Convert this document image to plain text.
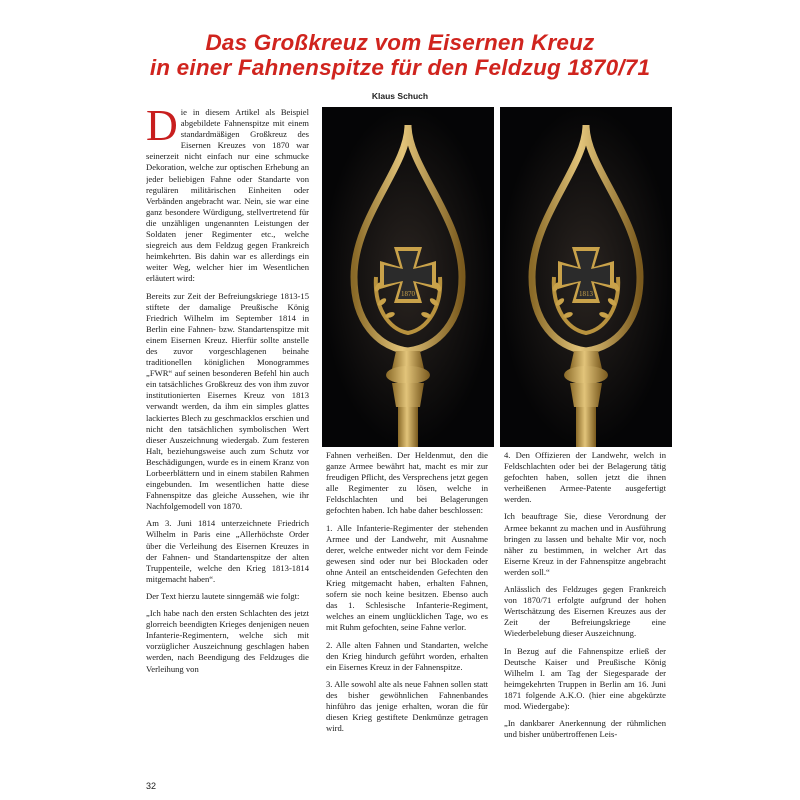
Das Großkreuz vom Eisernen Kreuz
in einer Fahnenspitze für den Feldzug 1870/71
Klaus Schuch

Die in diesem Artikel als Beispiel abgebildete Fahnenspitze mit einem standardmäßigen Großkreuz des Eisernen Kreuzes von 1870 war seinerzeit nicht einfach nur eine schmucke Dekoration, welche zur optischen Erhebung an jeder beliebigen Fahne oder Standarte von regulären militärischen Einheiten oder Verbänden angebracht war. Nein, sie war eine ganz besondere Würdigung, stellvertretend für die unzähligen ungenannten Leistungen der Soldaten jener Regimenter etc., welche siegreich aus dem Feldzug gegen Frankreich heimkehrten. Bis dahin war es allerdings ein weiter Weg, welcher hier im Wesentlichen erläutert wird:

Bereits zur Zeit der Befreiungskriege 1813-15 stiftete der damalige Preußische König Friedrich Wilhelm im September 1814 in Berlin eine Fahnen- bzw. Standartenspitze mit einem Eisernen Kreuz. Hierfür sollte anstelle des zuvor vorgeschlagenen beinahe traditionellen königlichen Monogrammes „FWR“ auf seinen besonderen Befehl hin auch ein tatsächliches Großkreuz des von ihm zuvor institutionierten Eisernes Kreuz von 1813 verwandt werden, da ihm ein simples glattes lackiertes Blech zu geschmacklos erschien und nicht den tatsächlichen symbolischen Wert dieser Auszeichnung wiedergab. Zum festeren Halt, beziehungsweise auch zum Schutz vor Beschädigungen, wurde es in einem Kranz von Lorbeerblättern und in einem stabilen Rahmen eingebunden. Im wesentlichen hatte diese Fahnenspitze das gleiche Aussehen, wie ihr Nachfolgemodell von 1870.

Am 3. Juni 1814 unterzeichnete Friedrich Wilhelm in Paris eine „Allerhöchste Order über die Verleihung des Eisernen Kreuzes in der Fahnen- und Standartenspitze der alten Truppenteile, welche den Krieg 1813-1814 mitgemacht haben“.

Der Text hierzu lautete sinngemäß wie folgt:

„Ich habe nach den ersten Schlachten des jetzt glorreich beendigten Krieges denjenigen neuen Infanterie-Regimentern, welche sich mit vorzüglicher Auszeichnung geschlagen haben werden, nach Beendigung des Feldzuges die Verleihung von

1870	1813

Fahnen verheißen. Der Heldenmut, den die ganze Armee bewährt hat, macht es mir zur freudigen Pflicht, des Versprechens jetzt gegen alle Regimenter zu lösen, welche in Feldschlachten und bei Belagerungen gefochten haben. Ich habe daher beschlossen:

1. Alle Infanterie-Regimenter der stehenden Armee und der Landwehr, mit Ausnahme derer, welche entweder nicht vor dem Feinde gewesen sind oder nur bei Blockaden oder ohne Anteil an entscheidenden Gefechten den Krieg mitgemacht haben, erhalten Fahnen, sofern sie noch keine besitzen. Ebenso auch das 1. Schlesische Infanterie-Regiment, welches an einem unglücklichen Tage, wo es mit Ruhm gefochten, seine Fahne verlor.

2. Alle alten Fahnen und Standarten, welche den Krieg hindurch geführt worden, erhalten ein Eisernes Kreuz in der Fahnenspitze.

3. Alle sowohl alte als neue Fahnen sollen statt des bisher gewöhnlichen Fahnenbandes hinführo das jenige erhalten, woran die für diesen Krieg gestiftete Denkmünze getragen wird.

4. Den Offizieren der Landwehr, welch in Feldschlachten oder bei der Belagerung tätig gefochten haben, sollen jetzt die ihnen verheißenen Armee-Patente ausgefertigt werden.

Ich beauftrage Sie, diese Verordnung der Armee bekannt zu machen und in Ausführung bringen zu lassen und behalte Mir vor, noch näher zu bestimmen, in welcher Art das Eiserne Kreuz in der Fahnenspitze angebracht werden soll.“

Anlässlich des Feldzuges gegen Frankreich von 1870/71 erfolgte aufgrund der hohen Wertschätzung des Eisernen Kreuzes aus der Zeit der Befreiungskriege eine Wiederbelebung dieser Auszeichnung.

In Bezug auf die Fahnenspitze erließ der Deutsche Kaiser und Preußische König Wilhelm I. am Tag der Siegesparade der heimgekehrten Truppen in Berlin am 16. Juni 1871 folgende A.K.O. (hier eine abgekürzte mod. Wiedergabe):

„In dankbarer Anerkennung der rühmlichen und bisher unübertroffenen Leis-

32
